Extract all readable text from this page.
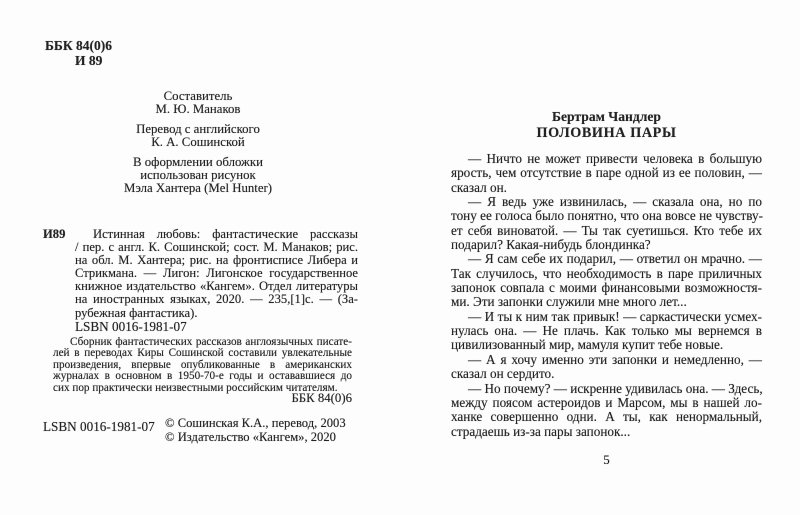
ББК 84(0)6
И 89
Составитель
М. Ю. Манаков
Перевод с английского
К. А. Сошинской
В оформлении обложки
использован рисунок
Мэла Хантера (Mel Hunter)
И89	Истинная любовь: фантастические рассказы
/ пер. с англ. К. Сошинской; сост. М. Манаков; рис.
на обл. М. Хантера; рис. на фронтисписе Либера и
Стрикмана. — Лигон: Лигонское государственное
книжное издательство «Кангем». Отдел литературы
на иностранных языках, 2020. — 235,[1]с. — (За-
рубежная фантастика).
LSBN 0016-1981-07
Сборник фантастических рассказов англоязычных писате-
лей в переводах Киры Сошинской составили увлекательные
произведения, впервые опубликованные в американских
журналах в основном в 1950-70-е годы и остававшиеся до
сих пор практически неизвестными российским читателям.
ББК 84(0)6
LSBN 0016-1981-07 © Сошинская К.А., перевод, 2003
© Издательство «Кангем», 2020
Бертрам Чандлер
ПОЛОВИНА ПАРЫ
— Ничто не может привести человека в большую
ярость, чем отсутствие в паре одной из ее половин, —
сказал он.
— Я ведь уже извинилась, — сказала она, но по
тону ее голоса было понятно, что она вовсе не чувству-
ет себя виноватой. — Ты так суетишься. Кто тебе их
подарил? Какая-нибудь блондинка?
— Я сам себе их подарил, — ответил он мрачно. —
Так случилось, что необходимость в паре приличных
запонок совпала с моими финансовыми возможностя-
ми. Эти запонки служили мне много лет...
— И ты к ним так привык! — саркастически усмех-
нулась она. — Не плачь. Как только мы вернемся в
цивилизованный мир, мамуля купит тебе новые.
— А я хочу именно эти запонки и немедленно, —
сказал он сердито.
— Но почему? — искренне удивилась она. — Здесь,
между поясом астероидов и Марсом, мы в нашей ло-
ханке совершенно одни. А ты, как ненормальный,
страдаешь из-за пары запонок...
5
